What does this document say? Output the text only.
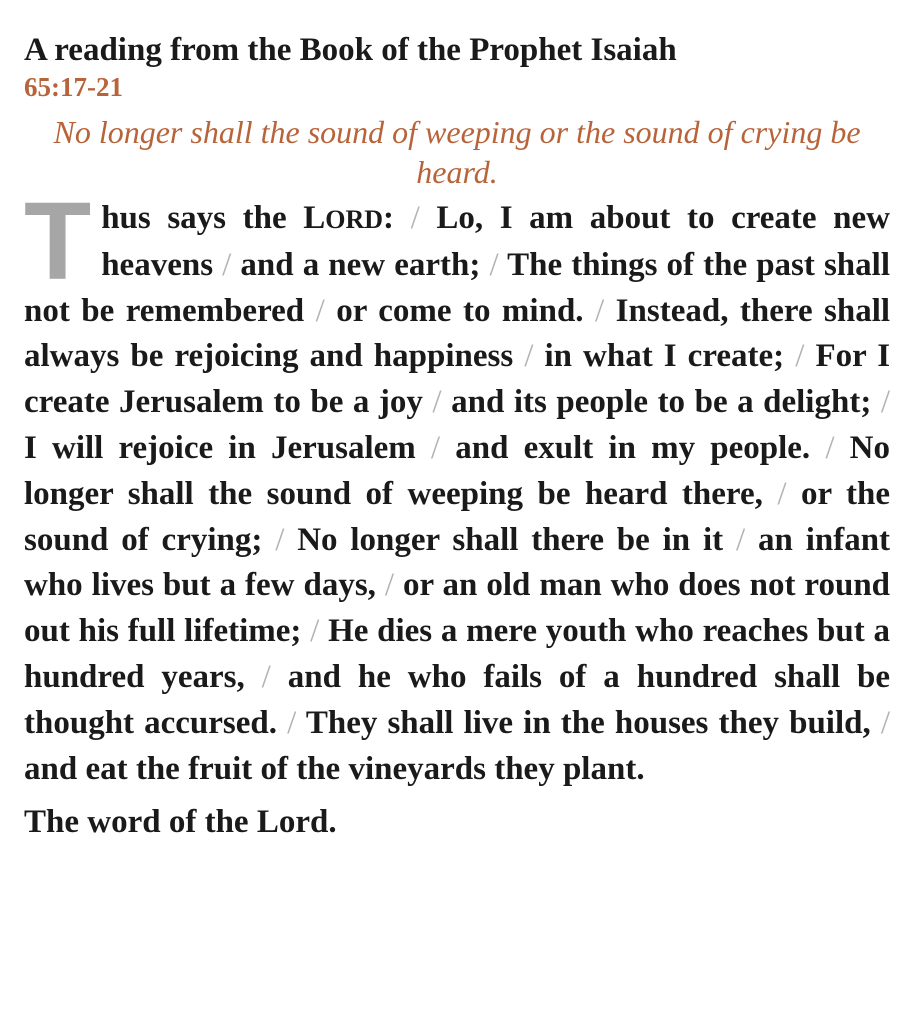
A reading from the Book of the Prophet Isaiah
65:17-21
No longer shall the sound of weeping or the sound of crying be heard.

Thus says the LORD: / Lo, I am about to create new heavens / and a new earth; / The things of the past shall not be remembered / or come to mind. / Instead, there shall always be rejoicing and happiness / in what I create; / For I create Jerusalem to be a joy / and its people to be a delight; / I will rejoice in Jerusalem / and exult in my people. / No longer shall the sound of weeping be heard there, / or the sound of crying; / No longer shall there be in it / an infant who lives but a few days, / or an old man who does not round out his full lifetime; / He dies a mere youth who reaches but a hundred years, / and he who fails of a hundred shall be thought accursed. / They shall live in the houses they build, / and eat the fruit of the vineyards they plant.

The word of the Lord.
